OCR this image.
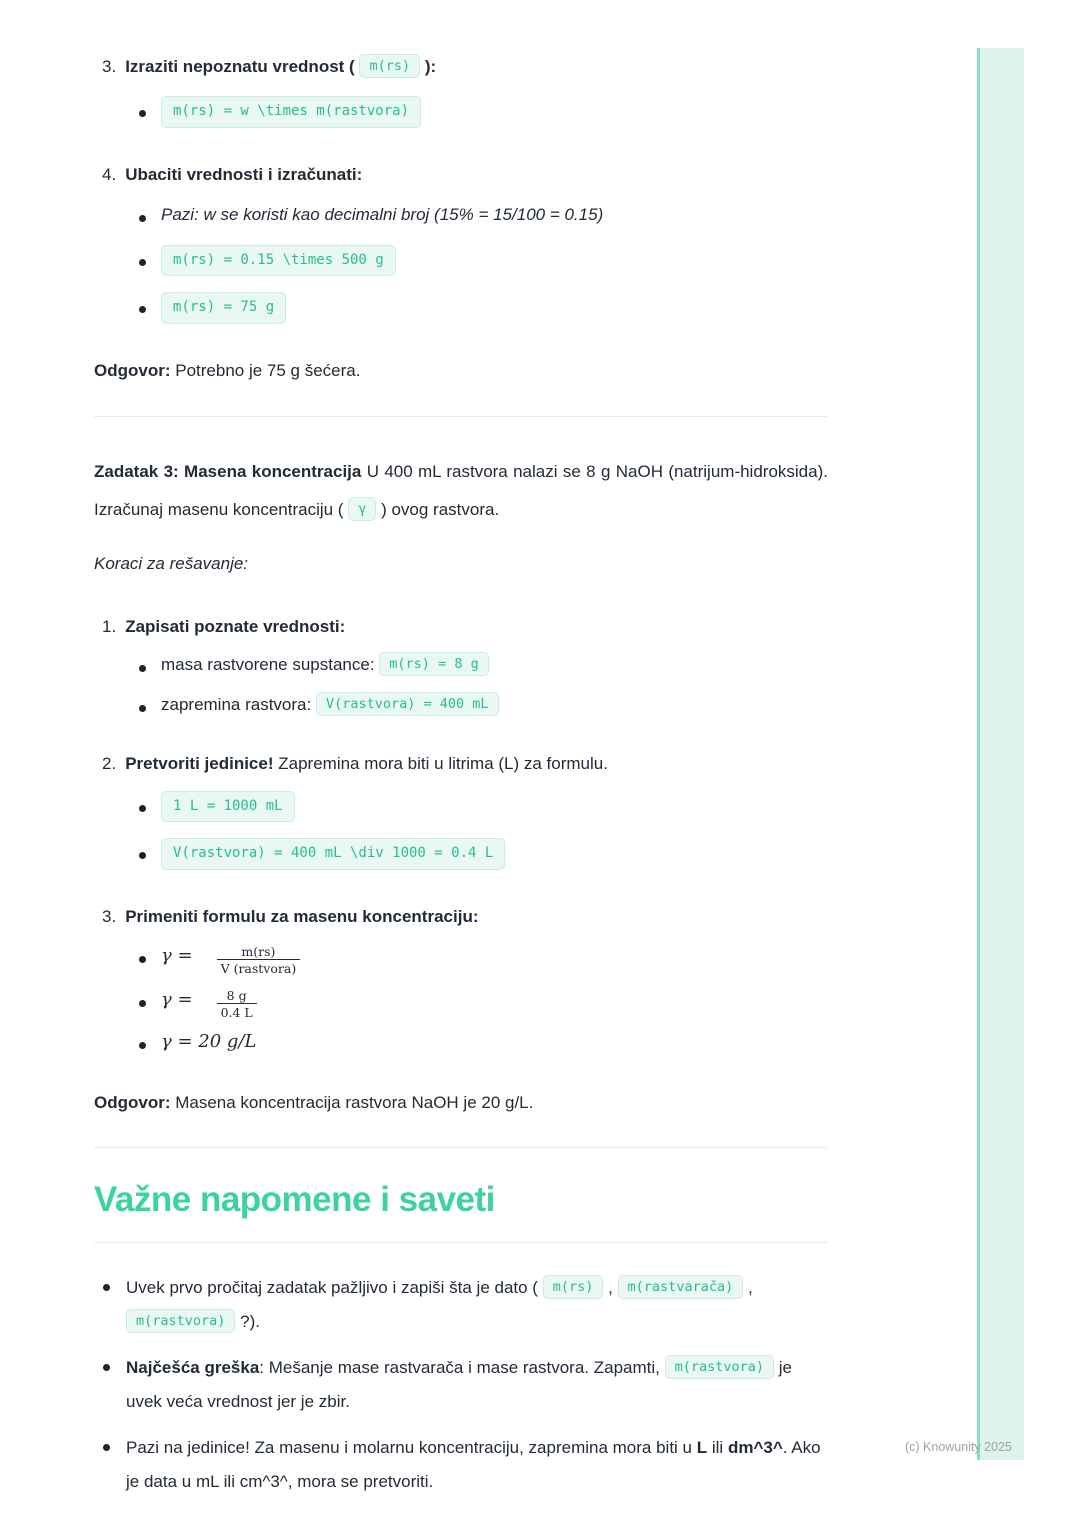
3. Izraziti nepoznatu vrednost ( m(rs) ):
m(rs) = w \times m(rastvora)
4. Ubaciti vrednosti i izračunati:
Pazi: w se koristi kao decimalni broj (15% = 15/100 = 0.15)
m(rs) = 0.15 \times 500 g
m(rs) = 75 g

Odgovor: Potrebno je 75 g šećera.

Zadatak 3: Masena koncentracija U 400 mL rastvora nalazi se 8 g NaOH (natrijum-hidroksida). Izračunaj masenu koncentraciju ( γ ) ovog rastvora.

Koraci za rešavanje:

1. Zapisati poznate vrednosti:
masa rastvorene supstance: m(rs) = 8 g
zapremina rastvora: V(rastvora) = 400 mL
2. Pretvoriti jedinice! Zapremina mora biti u litrima (L) za formulu.
1 L = 1000 mL
V(rastvora) = 400 mL \div 1000 = 0.4 L
3. Primeniti formulu za masenu koncentraciju:
$\gamma = \frac{m(rs)}{\text{V (rastvora)}}$
$\gamma = \frac{8 g}{0.4 L}$
γ = 20 g/L

Odgovor: Masena koncentracija rastvora NaOH je 20 g/L.

Važne napomene i saveti
Uvek prvo pročitaj zadatak pažljivo i zapiši šta je dato ( m(rs) , m(rastvarača) , m(rastvora) ?).
Najčešća greška: Mešanje mase rastvarača i mase rastvora. Zapamti, m(rastvora) je uvek veća vrednost jer je zbir.
Pazi na jedinice! Za masenu i molarnu koncentraciju, zapremina mora biti u L ili dm^3^. Ako je data u mL ili cm^3^, mora se pretvoriti.
(c) Knowunity 2025
